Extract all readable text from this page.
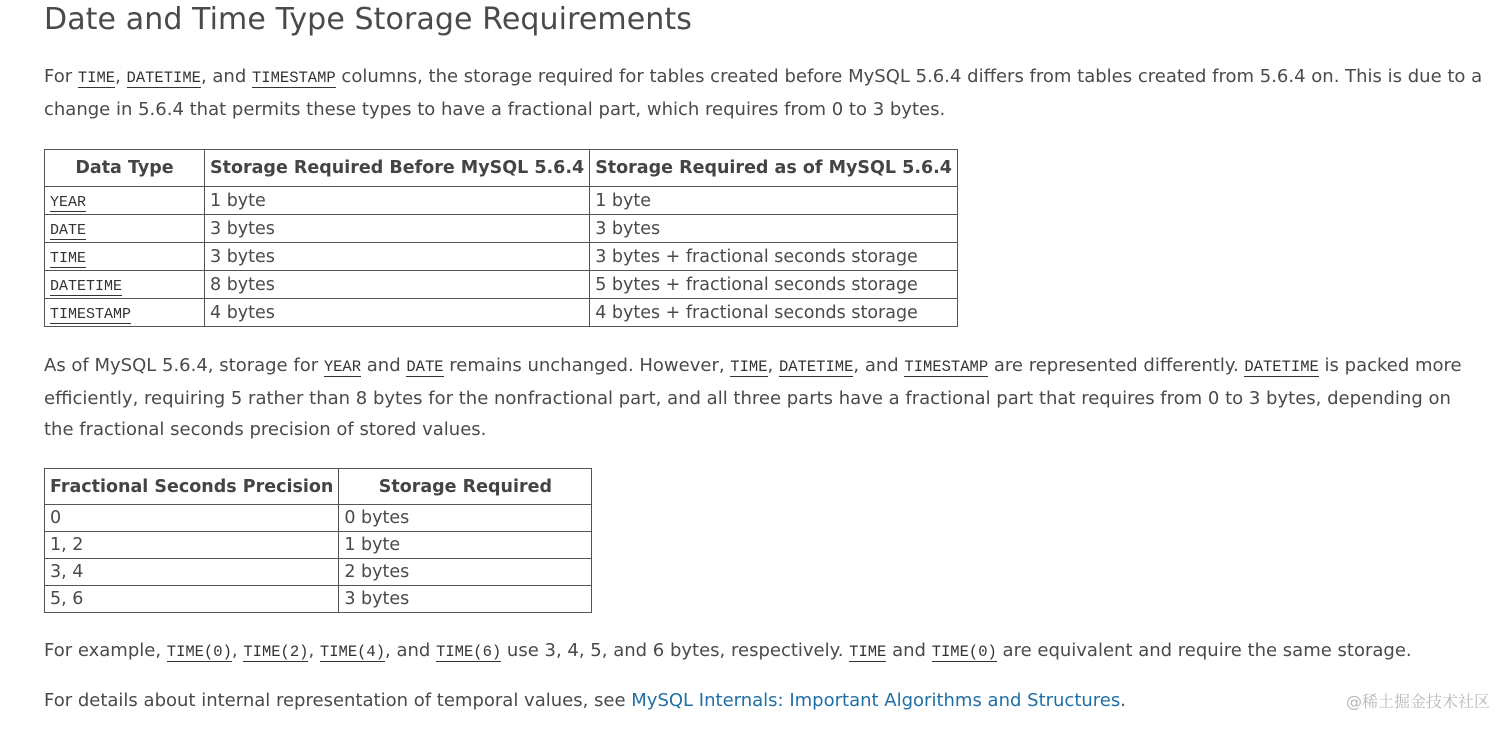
Date and Time Type Storage Requirements

For TIME, DATETIME, and TIMESTAMP columns, the storage required for tables created before MySQL 5.6.4 differs from tables created from 5.6.4 on. This is due to a change in 5.6.4 that permits these types to have a fractional part, which requires from 0 to 3 bytes.

Data Type	Storage Required Before MySQL 5.6.4	Storage Required as of MySQL 5.6.4
YEAR	1 byte	1 byte
DATE	3 bytes	3 bytes
TIME	3 bytes	3 bytes + fractional seconds storage
DATETIME	8 bytes	5 bytes + fractional seconds storage
TIMESTAMP	4 bytes	4 bytes + fractional seconds storage

As of MySQL 5.6.4, storage for YEAR and DATE remains unchanged. However, TIME, DATETIME, and TIMESTAMP are represented differently. DATETIME is packed more efficiently, requiring 5 rather than 8 bytes for the nonfractional part, and all three parts have a fractional part that requires from 0 to 3 bytes, depending on the fractional seconds precision of stored values.

Fractional Seconds Precision	Storage Required
0	0 bytes
1, 2	1 byte
3, 4	2 bytes
5, 6	3 bytes

For example, TIME(0), TIME(2), TIME(4), and TIME(6) use 3, 4, 5, and 6 bytes, respectively. TIME and TIME(0) are equivalent and require the same storage.

For details about internal representation of temporal values, see MySQL Internals: Important Algorithms and Structures.	@稀土掘金技术社区
